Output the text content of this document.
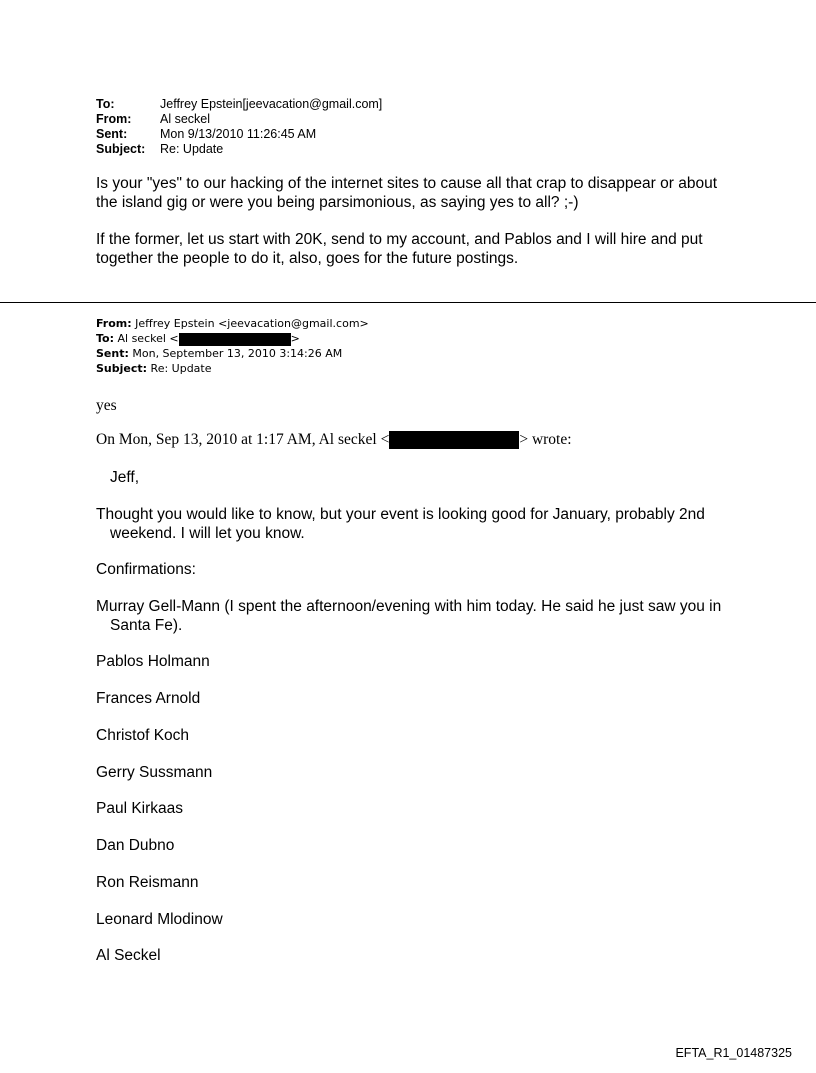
To:	Jeffrey Epstein[jeevacation@gmail.com]
From:	Al seckel
Sent:	Mon 9/13/2010 11:26:45 AM
Subject:	Re: Update
Is your "yes" to our hacking of the internet sites to cause all that crap to disappear or about the island gig or were you being parsimonious, as saying yes to all? ;-)
If the former, let us start with 20K, send to my account, and Pablos and I will hire and put together the people to do it, also, goes for the future postings.
From: Jeffrey Epstein <jeevacation@gmail.com>
To: Al seckel <	>
Sent: Mon, September 13, 2010 3:14:26 AM
Subject: Re: Update
yes
On Mon, Sep 13, 2010 at 1:17 AM, Al seckel <	> wrote:
Jeff,
Thought you would like to know, but your event is looking good for January, probably 2nd weekend. I will let you know.
Confirmations:
Murray Gell-Mann (I spent the afternoon/evening with him today. He said he just saw you in Santa Fe).
Pablos Holmann
Frances Arnold
Christof Koch
Gerry Sussmann
Paul Kirkaas
Dan Dubno
Ron Reismann
Leonard Mlodinow
Al Seckel
EFTA_R1_01487325
